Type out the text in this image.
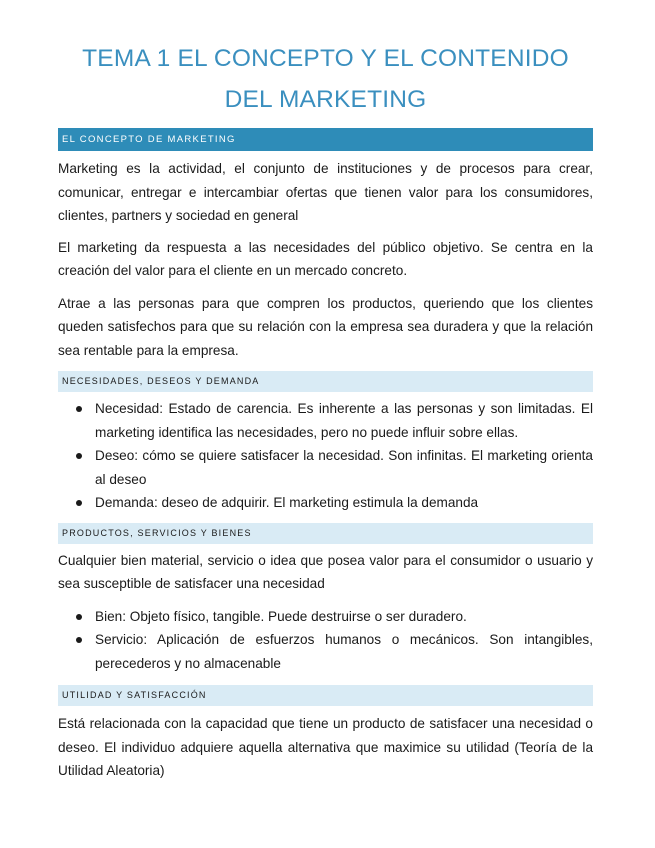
TEMA 1 EL CONCEPTO Y EL CONTENIDO DEL MARKETING
EL CONCEPTO DE MARKETING

Marketing es la actividad, el conjunto de instituciones y de procesos para crear, comunicar, entregar e intercambiar ofertas que tienen valor para los consumidores, clientes, partners y sociedad en general

El marketing da respuesta a las necesidades del público objetivo. Se centra en la creación del valor para el cliente en un mercado concreto.

Atrae a las personas para que compren los productos, queriendo que los clientes queden satisfechos para que su relación con la empresa sea duradera y que la relación sea rentable para la empresa.

NECESIDADES, DESEOS Y DEMANDA
Necesidad: Estado de carencia. Es inherente a las personas y son limitadas. El marketing identifica las necesidades, pero no puede influir sobre ellas.
Deseo: cómo se quiere satisfacer la necesidad. Son infinitas. El marketing orienta al deseo
Demanda: deseo de adquirir. El marketing estimula la demanda
PRODUCTOS, SERVICIOS Y BIENES

Cualquier bien material, servicio o idea que posea valor para el consumidor o usuario y sea susceptible de satisfacer una necesidad

Bien: Objeto físico, tangible. Puede destruirse o ser duradero.
Servicio: Aplicación de esfuerzos humanos o mecánicos. Son intangibles, perecederos y no almacenable
UTILIDAD Y SATISFACCIÓN

Está relacionada con la capacidad que tiene un producto de satisfacer una necesidad o deseo. El individuo adquiere aquella alternativa que maximice su utilidad (Teoría de la Utilidad Aleatoria)
